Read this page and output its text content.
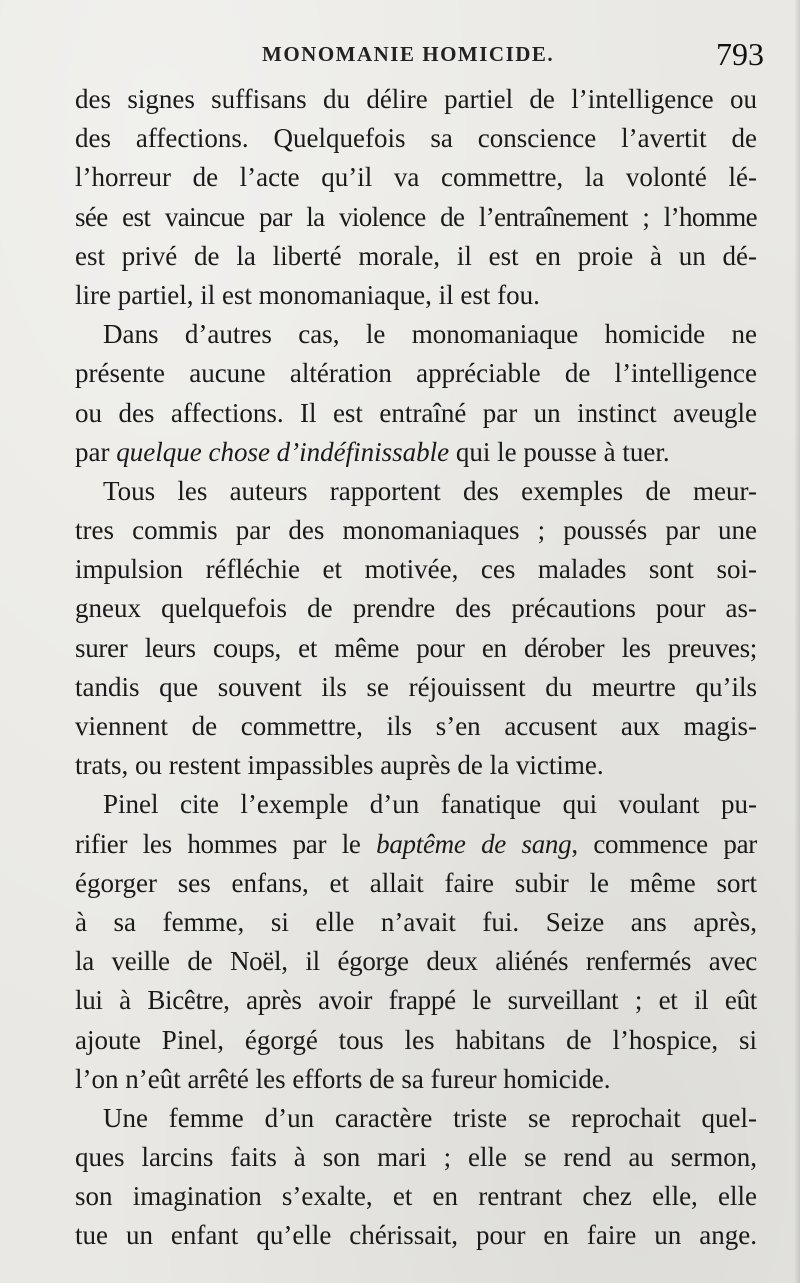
MONOMANIE HOMICIDE.	793
des signes suffisans du délire partiel de l’intelligence ou
des affections. Quelquefois sa conscience l’avertit de
l’horreur de l’acte qu’il va commettre, la volonté lé-
sée est vaincue par la violence de l’entraînement ; l’homme
est privé de la liberté morale, il est en proie à un dé-
lire partiel, il est monomaniaque, il est fou.
Dans d’autres cas, le monomaniaque homicide ne
présente aucune altération appréciable de l’intelligence
ou des affections. Il est entraîné par un instinct aveugle
par quelque chose d’indéfinissable qui le pousse à tuer.
Tous les auteurs rapportent des exemples de meur-
tres commis par des monomaniaques ; poussés par une
impulsion réfléchie et motivée, ces malades sont soi-
gneux quelquefois de prendre des précautions pour as-
surer leurs coups, et même pour en dérober les preuves;
tandis que souvent ils se réjouissent du meurtre qu’ils
viennent de commettre, ils s’en accusent aux magis-
trats, ou restent impassibles auprès de la victime.
Pinel cite l’exemple d’un fanatique qui voulant pu-
rifier les hommes par le baptême de sang, commence par
égorger ses enfans, et allait faire subir le même sort
à sa femme, si elle n’avait fui. Seize ans après,
la veille de Noël, il égorge deux aliénés renfermés avec
lui à Bicêtre, après avoir frappé le surveillant ; et il eût
ajoute Pinel, égorgé tous les habitans de l’hospice, si
l’on n’eût arrêté les efforts de sa fureur homicide.
Une femme d’un caractère triste se reprochait quel-
ques larcins faits à son mari ; elle se rend au sermon,
son imagination s’exalte, et en rentrant chez elle, elle
tue un enfant qu’elle chérissait, pour en faire un ange.
